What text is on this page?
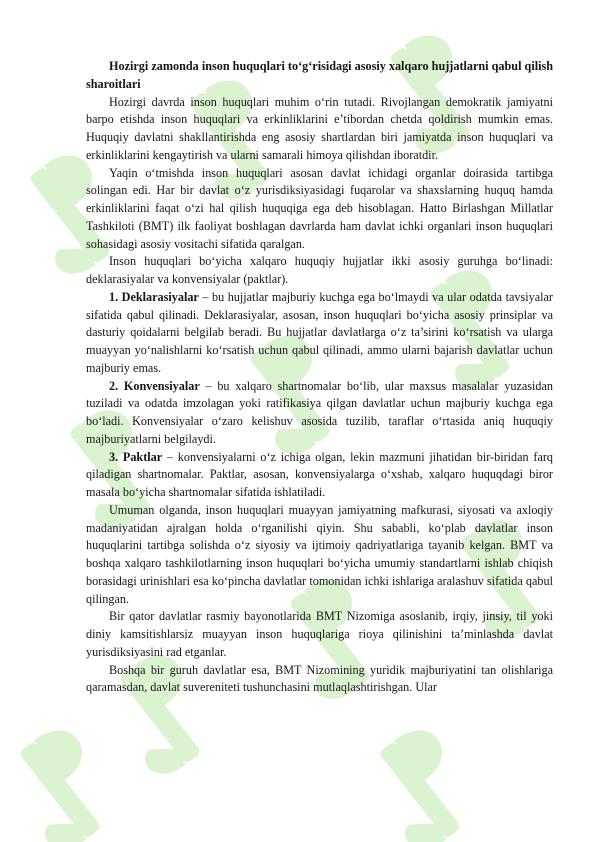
Hozirgi zamonda inson huquqlari to‘g‘risidagi asosiy xalqaro hujjatlarni qabul qilish sharoitlari

Hozirgi davrda inson huquqlari muhim o‘rin tutadi. Rivojlangan demokratik jamiyatni barpo etishda inson huquqlari va erkinliklarini e’tibordan chetda qoldirish mumkin emas. Huquqiy davlatni shakllantirishda eng asosiy shartlardan biri jamiyatda inson huquqlari va erkinliklarini kengaytirish va ularni samarali himoya qilishdan iboratdir.

Yaqin o‘tmishda inson huquqlari asosan davlat ichidagi organlar doirasida tartibga solingan edi. Har bir davlat o‘z yurisdiksiyasidagi fuqarolar va shaxslarning huquq hamda erkinliklarini faqat o‘zi hal qilish huquqiga ega deb hisoblagan. Hatto Birlashgan Millatlar Tashkiloti (BMT) ilk faoliyat boshlagan davrlarda ham davlat ichki organlari inson huquqlari sohasidagi asosiy vositachi sifatida qaralgan.

Inson huquqlari bo‘yicha xalqaro huquqiy hujjatlar ikki asosiy guruhga bo‘linadi: deklarasiyalar va konvensiyalar (paktlar).

1. Deklarasiyalar – bu hujjatlar majburiy kuchga ega bo‘lmaydi va ular odatda tavsiyalar sifatida qabul qilinadi. Deklarasiyalar, asosan, inson huquqlari bo‘yicha asosiy prinsiplar va dasturiy qoidalarni belgilab beradi. Bu hujjatlar davlatlarga o‘z ta’sirini ko‘rsatish va ularga muayyan yo‘nalishlarni ko‘rsatish uchun qabul qilinadi, ammo ularni bajarish davlatlar uchun majburiy emas.

2. Konvensiyalar – bu xalqaro shartnomalar bo‘lib, ular maxsus masalalar yuzasidan tuziladi va odatda imzolagan yoki ratifikasiya qilgan davlatlar uchun majburiy kuchga ega bo‘ladi. Konvensiyalar o‘zaro kelishuv asosida tuzilib, taraflar o‘rtasida aniq huquqiy majburiyatlarni belgilaydi.

3. Paktlar – konvensiyalarni o‘z ichiga olgan, lekin mazmuni jihatidan bir-biridan farq qiladigan shartnomalar. Paktlar, asosan, konvensiyalarga o‘xshab, xalqaro huquqdagi biror masala bo‘yicha shartnomalar sifatida ishlatiladi.

Umuman olganda, inson huquqlari muayyan jamiyatning mafkurasi, siyosati va axloqiy madaniyatidan ajralgan holda o‘rganilishi qiyin. Shu sababli, ko‘plab davlatlar inson huquqlarini tartibga solishda o‘z siyosiy va ijtimoiy qadriyatlariga tayanib kelgan. BMT va boshqa xalqaro tashkilotlarning inson huquqlari bo‘yicha umumiy standartlarni ishlab chiqish borasidagi urinishlari esa ko‘pincha davlatlar tomonidan ichki ishlariga aralashuv sifatida qabul qilingan.

Bir qator davlatlar rasmiy bayonotlarida BMT Nizomiga asoslanib, irqiy, jinsiy, til yoki diniy kamsitishlarsiz muayyan inson huquqlariga rioya qilinishini ta’minlashda davlat yurisdiksiyasini rad etganlar.

Boshqa bir guruh davlatlar esa, BMT Nizomining yuridik majburiyatini tan olishlariga qaramasdan, davlat suvereniteti tushunchasini mutlaqlashtirishgan. Ular
